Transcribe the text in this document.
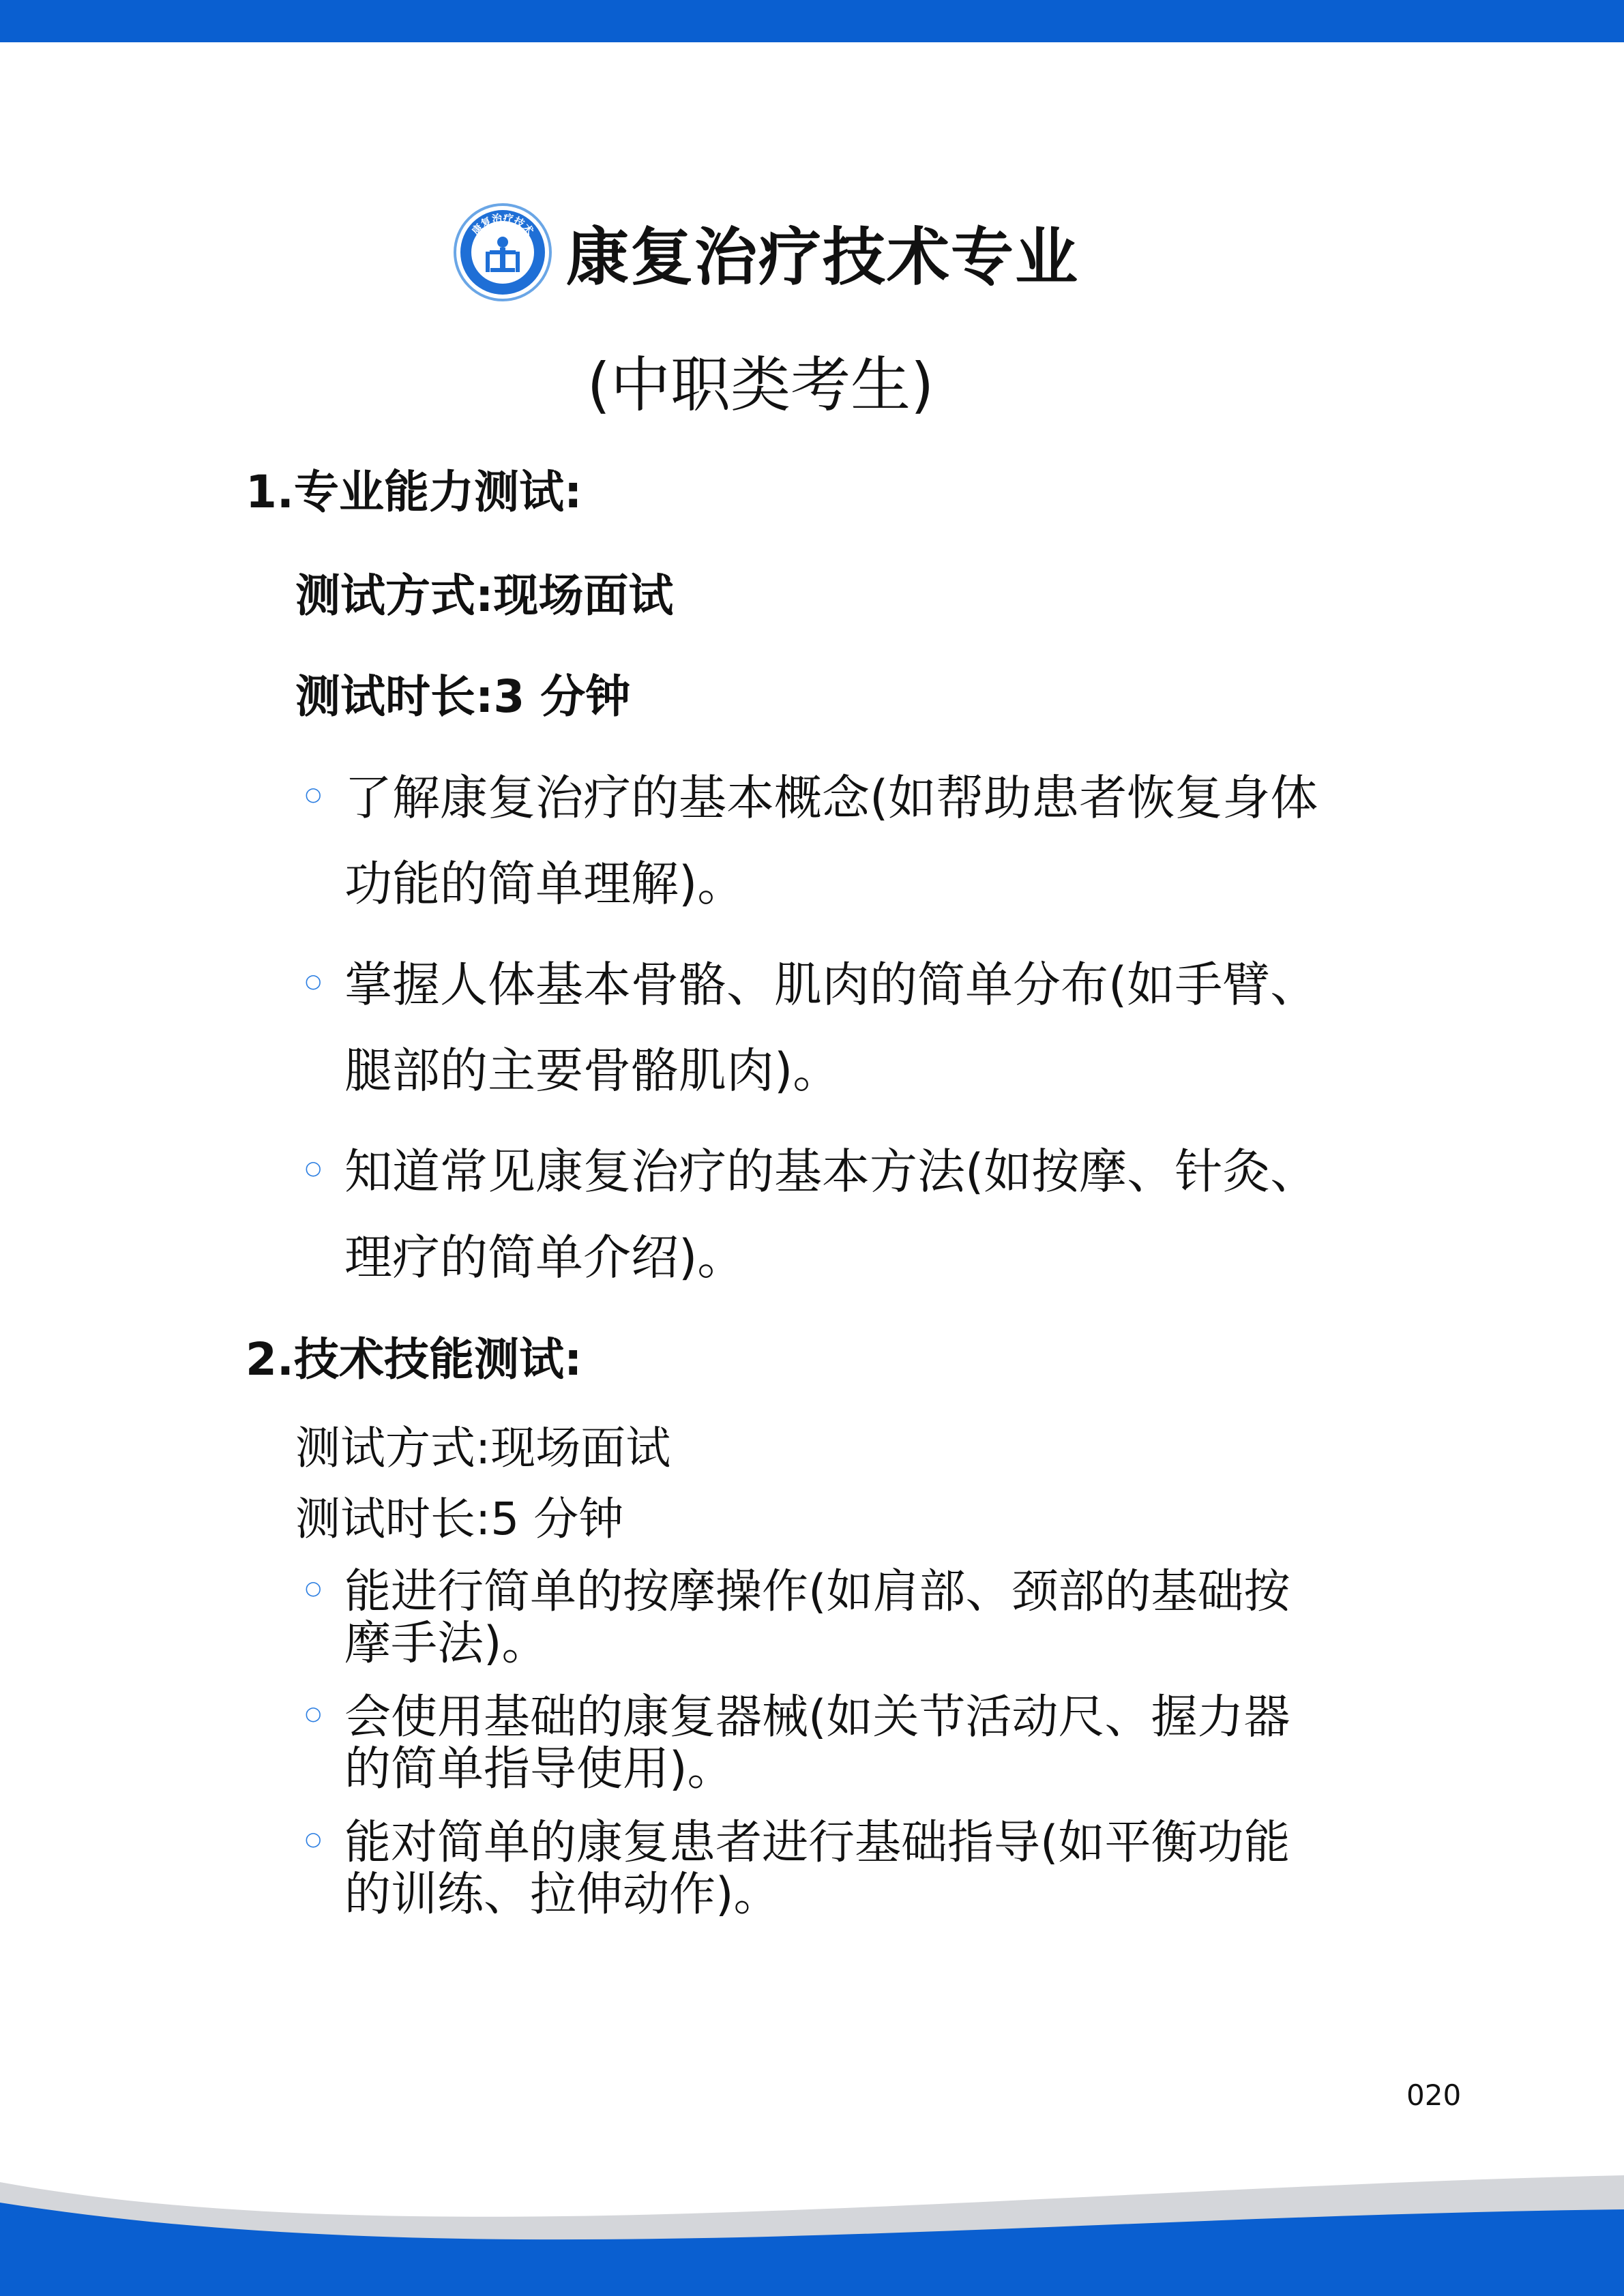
康复治疗技术 康复治疗技术专业
(中职类考生)
1.专业能力测试:
测试方式:现场面试
测试时长:3 分钟
○ 了解康复治疗的基本概念(如帮助患者恢复身体
功能的简单理解)。
○ 掌握人体基本骨骼、肌肉的简单分布(如手臂、
腿部的主要骨骼肌肉)。
○ 知道常见康复治疗的基本方法(如按摩、针灸、
理疗的简单介绍)。
2.技术技能测试:
测试方式:现场面试
测试时长:5 分钟
○ 能进行简单的按摩操作(如肩部、颈部的基础按
摩手法)。
○ 会使用基础的康复器械(如关节活动尺、握力器
的简单指导使用)。
○ 能对简单的康复患者进行基础指导(如平衡功能
的训练、拉伸动作)。
020
